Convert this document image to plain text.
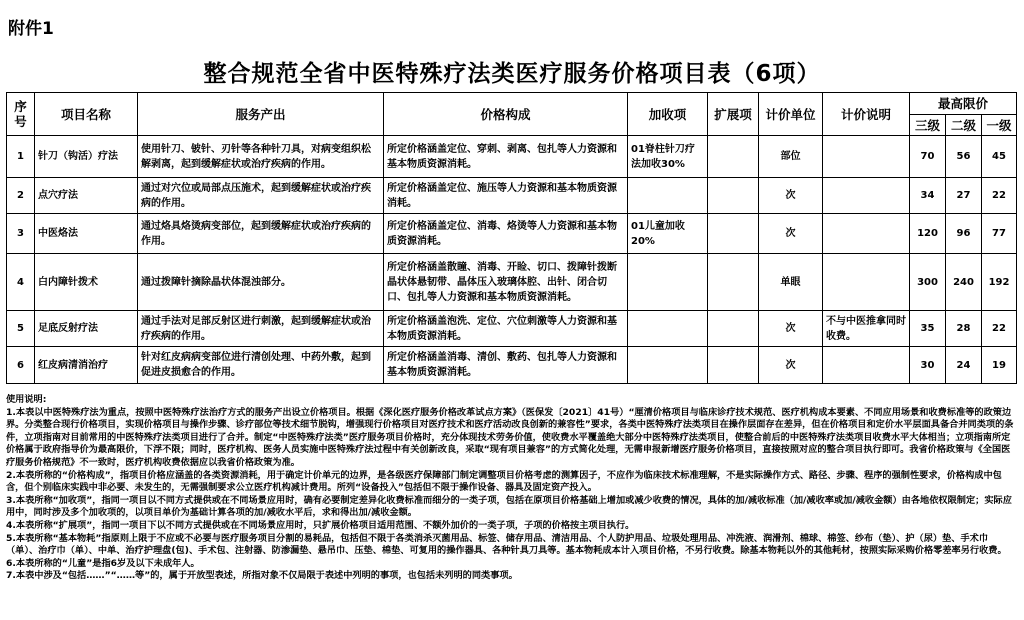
附件1
整合规范全省中医特殊疗法类医疗服务价格项目表（6项）
序号	项目名称	服务产出	价格构成	加收项	扩展项	计价单位	计价说明	最高限价		
								三级	二级	一级
1	针刀（钩活）疗法	使用针刀、铍针、刃针等各种针刀具，对病变组织松解剥离，起到缓解症状或治疗疾病的作用。	所定价格涵盖定位、穿刺、剥离、包扎等人力资源和基本物质资源消耗。	01脊柱针刀疗法加收30%		部位		70	56	45
2	点穴疗法	通过对穴位或局部点压施术，起到缓解症状或治疗疾病的作用。	所定价格涵盖定位、施压等人力资源和基本物质资源消耗。			次		34	27	22
3	中医烙法	通过烙具烙烫病变部位，起到缓解症状或治疗疾病的作用。	所定价格涵盖定位、消毒、烙烫等人力资源和基本物质资源消耗。	01儿童加收20%		次		120	96	77
4	白内障针拨术	通过拨障针摘除晶状体混浊部分。	所定价格涵盖散瞳、消毒、开睑、切口、拨障针拨断晶状体悬韧带、晶体压入玻璃体腔、出针、闭合切口、包扎等人力资源和基本物质资源消耗。			单眼		300	240	192
5	足底反射疗法	通过手法对足部反射区进行刺激，起到缓解症状或治疗疾病的作用。	所定价格涵盖泡洗、定位、穴位刺激等人力资源和基本物质资源消耗。			次	不与中医推拿同时收费。	35	28	22
6	红皮病清消治疗	针对红皮病病变部位进行清创处理、中药外敷，起到促进皮损愈合的作用。	所定价格涵盖消毒、清创、敷药、包扎等人力资源和基本物质资源消耗。			次		30	24	19

使用说明:

1.本表以中医特殊疗法为重点，按照中医特殊疗法治疗方式的服务产出设立价格项目。根据《深化医疗服务价格改革试点方案》（医保发〔2021〕41号）“厘清价格项目与临床诊疗技术规范、医疗机构成本要素、不同应用场景和收费标准等的政策边界。分类整合现行价格项目，实现价格项目与操作步骤、诊疗部位等技术细节脱钩，增强现行价格项目对医疗技术和医疗活动改良创新的兼容性”要求，各类中医特殊疗法类项目在操作层面存在差异，但在价格项目和定价水平层面具备合并同类项的条件，立项指南对目前常用的中医特殊疗法类项目进行了合并。制定“中医特殊疗法类”医疗服务项目价格时，充分体现技术劳务价值，使收费水平覆盖绝大部分中医特殊疗法类项目，使整合前后的中医特殊疗法类项目收费水平大体相当；立项指南所定价格属于政府指导价为最高限价，下浮不限；同时，医疗机构、医务人员实施中医特殊疗法过程中有关创新改良，采取“现有项目兼容”的方式简化处理，无需申报新增医疗服务价格项目，直接按照对应的整合项目执行即可。我省价格政策与《全国医疗服务价格规范》不一致时，医疗机构收费依据应以我省价格政策为准。

2.本表所称的“价格构成”，指项目价格应涵盖的各类资源消耗，用于确定计价单元的边界，是各级医疗保障部门制定调整项目价格考虑的测算因子，不应作为临床技术标准理解，不是实际操作方式、路径、步骤、程序的强制性要求，价格构成中包含，但个别临床实践中非必要、未发生的，无需强制要求公立医疗机构减计费用。所列“设备投入”包括但不限于操作设备、器具及固定资产投入。

3.本表所称“加收项”，指同一项目以不同方式提供或在不同场景应用时，确有必要制定差异化收费标准而细分的一类子项，包括在原项目价格基础上增加或减少收费的情况，具体的加/减收标准（加/减收率或加/减收金额）由各地依权限制定；实际应用中，同时涉及多个加收项的，以项目单价为基础计算各项的加/减收水平后，求和得出加/减收金额。

4.本表所称“扩展项”，指同一项目下以不同方式提供或在不同场景应用时，只扩展价格项目适用范围、不额外加价的一类子项，子项的价格按主项目执行。

5.本表所称“基本物耗”指原则上限于不应或不必要与医疗服务项目分割的易耗品，包括但不限于各类消杀灭菌用品、标签、储存用品、清洁用品、个人防护用品、垃圾处理用品、冲洗液、润滑剂、棉球、棉签、纱布（垫）、护（尿）垫、手术巾（单）、治疗巾（单）、中单、治疗护理盘(包)、手术包、注射器、防渗漏垫、悬吊巾、压垫、棉垫、可复用的操作器具、各种针具刀具等。基本物耗成本计入项目价格，不另行收费。除基本物耗以外的其他耗材，按照实际采购价格零差率另行收费。

6.本表所称的“儿童”是指6岁及以下未成年人。

7.本表中涉及“包括……”“……等”的，属于开放型表述，所指对象不仅局限于表述中列明的事项，也包括未列明的同类事项。
